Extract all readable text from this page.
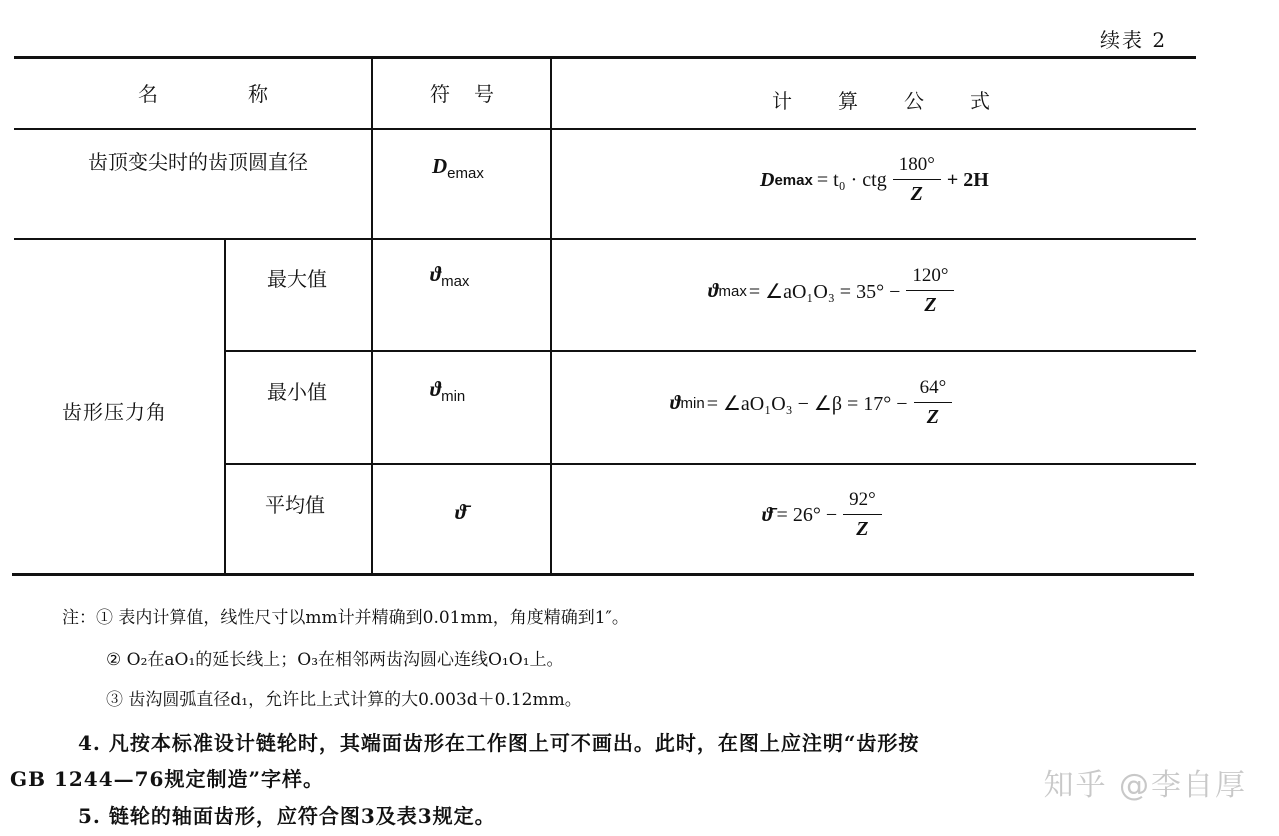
续表 2
名　　　　称	符　号	计　　算　　公　　式
齿顶变尖时的齿顶圆直径	$D_{emax}$	D emax = t₀ · ctg $\frac{180^\circ}{Z} + 2H$
齿形压力角
最大值	$ϑ_{max}$	ϑ max = ∠aO₁O₃ = $35^\circ - \frac{120^\circ}{Z}$
最小值	$ϑ_{min}$	ϑ min = ∠aO₁O₃ − ∠β = $17^\circ - \frac{64^\circ}{Z}$
平均值	ϑ̄	ϑ̄ = $26^\circ - \frac{92^\circ}{Z}$
注：① 表内计算值，线性尺寸以mm计并精确到0.01mm，角度精确到1″。
② O₂在aO₁的延长线上；O₃在相邻两齿沟圆心连线O₁O₁上。
③ 齿沟圆弧直径d₁，允许比上式计算的大0.003d＋0.12mm。
4. 凡按本标准设计链轮时，其端面齿形在工作图上可不画出。此时，在图上应注明“齿形按
GB 1244—76规定制造”字样。
5. 链轮的轴面齿形，应符合图3及表3规定。
知乎 @李自厚
